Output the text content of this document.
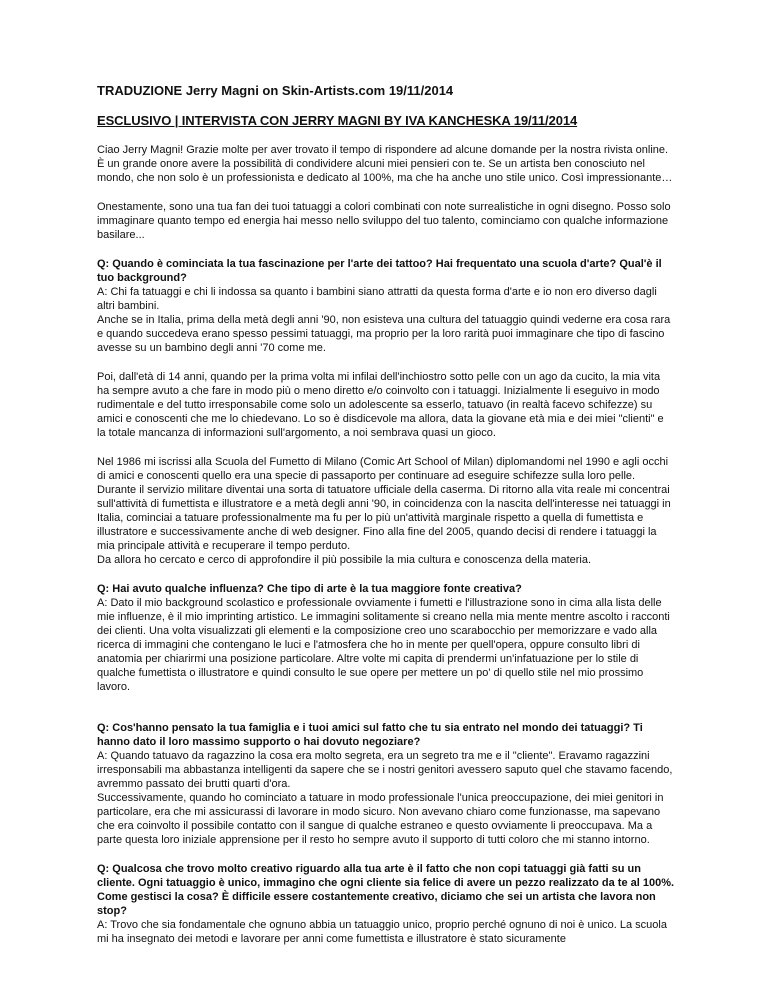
TRADUZIONE Jerry Magni on Skin-Artists.com 19/11/2014
ESCLUSIVO | INTERVISTA CON JERRY MAGNI BY IVA KANCHESKA 19/11/2014

Ciao Jerry Magni! Grazie molte per aver trovato il tempo di rispondere ad alcune domande per la nostra rivista online. È un grande onore avere la possibilità di condividere alcuni miei pensieri con te. Se un artista ben conosciuto nel mondo, che non solo è un professionista e dedicato al 100%, ma che ha anche uno stile unico. Così impressionante…

Onestamente, sono una tua fan dei tuoi tatuaggi a colori combinati con note surrealistiche in ogni disegno. Posso solo immaginare quanto tempo ed energia hai messo nello sviluppo del tuo talento, cominciamo con qualche informazione basilare...

Q: Quando è cominciata la tua fascinazione per l'arte dei tattoo? Hai frequentato una scuola d'arte? Qual'è il tuo background?
A: Chi fa tatuaggi e chi li indossa sa quanto i bambini siano attratti da questa forma d'arte e io non ero diverso dagli altri bambini.
Anche se in Italia, prima della metà degli anni '90, non esisteva una cultura del tatuaggio quindi vederne era cosa rara e quando succedeva erano spesso pessimi tatuaggi, ma proprio per la loro rarità puoi immaginare che tipo di fascino avesse su un bambino degli anni '70 come me.

Poi, dall'età di 14 anni, quando per la prima volta mi infilai dell'inchiostro sotto pelle con un ago da cucito, la mia vita ha sempre avuto a che fare in modo più o meno diretto e/o coinvolto con i tatuaggi. Inizialmente li eseguivo in modo rudimentale e del tutto irresponsabile come solo un adolescente sa esserlo, tatuavo (in realtà facevo schifezze) su amici e conoscenti che me lo chiedevano. Lo so è disdicevole ma allora, data la giovane età mia e dei miei "clienti" e la totale mancanza di informazioni sull'argomento, a noi sembrava quasi un gioco.

Nel 1986 mi iscrissi alla Scuola del Fumetto di Milano (Comic Art School of Milan) diplomandomi nel 1990 e agli occhi di amici e conoscenti quello era una specie di passaporto per continuare ad eseguire schifezze sulla loro pelle. Durante il servizio militare diventai una sorta di tatuatore ufficiale della caserma. Di ritorno alla vita reale mi concentrai sull'attività di fumettista e illustratore e a metà degli anni '90, in coincidenza con la nascita dell'interesse nei tatuaggi in Italia, cominciai a tatuare professionalmente ma fu per lo più un'attività marginale rispetto a quella di fumettista e illustratore e successivamente anche di web designer. Fino alla fine del 2005, quando decisi di rendere i tatuaggi la mia principale attività e recuperare il tempo perduto.
Da allora ho cercato e cerco di approfondire il più possibile la mia cultura e conoscenza della materia.

Q: Hai avuto qualche influenza? Che tipo di arte è la tua maggiore fonte creativa?
A: Dato il mio background scolastico e professionale ovviamente i fumetti e l'illustrazione sono in cima alla lista delle mie influenze, è il mio imprinting artistico. Le immagini solitamente si creano nella mia mente mentre ascolto i racconti dei clienti. Una volta visualizzati gli elementi e la composizione creo uno scarabocchio per memorizzare e vado alla ricerca di immagini che contengano le luci e l'atmosfera che ho in mente per quell'opera, oppure consulto libri di anatomia per chiarirmi una posizione particolare. Altre volte mi capita di prendermi un'infatuazione per lo stile di qualche fumettista o illustratore e quindi consulto le sue opere per mettere un po' di quello stile nel mio prossimo lavoro.

Q: Cos'hanno pensato la tua famiglia e i tuoi amici sul fatto che tu sia entrato nel mondo dei tatuaggi? Ti hanno dato il loro massimo supporto o hai dovuto negoziare?
A: Quando tatuavo da ragazzino la cosa era molto segreta, era un segreto tra me e il "cliente". Eravamo ragazzini irresponsabili ma abbastanza intelligenti da sapere che se i nostri genitori avessero saputo quel che stavamo facendo, avremmo passato dei brutti quarti d'ora.
Successivamente, quando ho cominciato a tatuare in modo professionale l'unica preoccupazione, dei miei genitori in particolare, era che mi assicurassi di lavorare in modo sicuro. Non avevano chiaro come funzionasse, ma sapevano che era coinvolto il possibile contatto con il sangue di qualche estraneo e questo ovviamente li preoccupava. Ma a parte questa loro iniziale apprensione per il resto ho sempre avuto il supporto di tutti coloro che mi stanno intorno.

Q: Qualcosa che trovo molto creativo riguardo alla tua arte è il fatto che non copi tatuaggi già fatti su un cliente. Ogni tatuaggio è unico, immagino che ogni cliente sia felice di avere un pezzo realizzato da te al 100%. Come gestisci la cosa? È difficile essere costantemente creativo, diciamo che sei un artista che lavora non stop?
A: Trovo che sia fondamentale che ognuno abbia un tatuaggio unico, proprio perché ognuno di noi è unico. La scuola mi ha insegnato dei metodi e lavorare per anni come fumettista e illustratore è stato sicuramente
